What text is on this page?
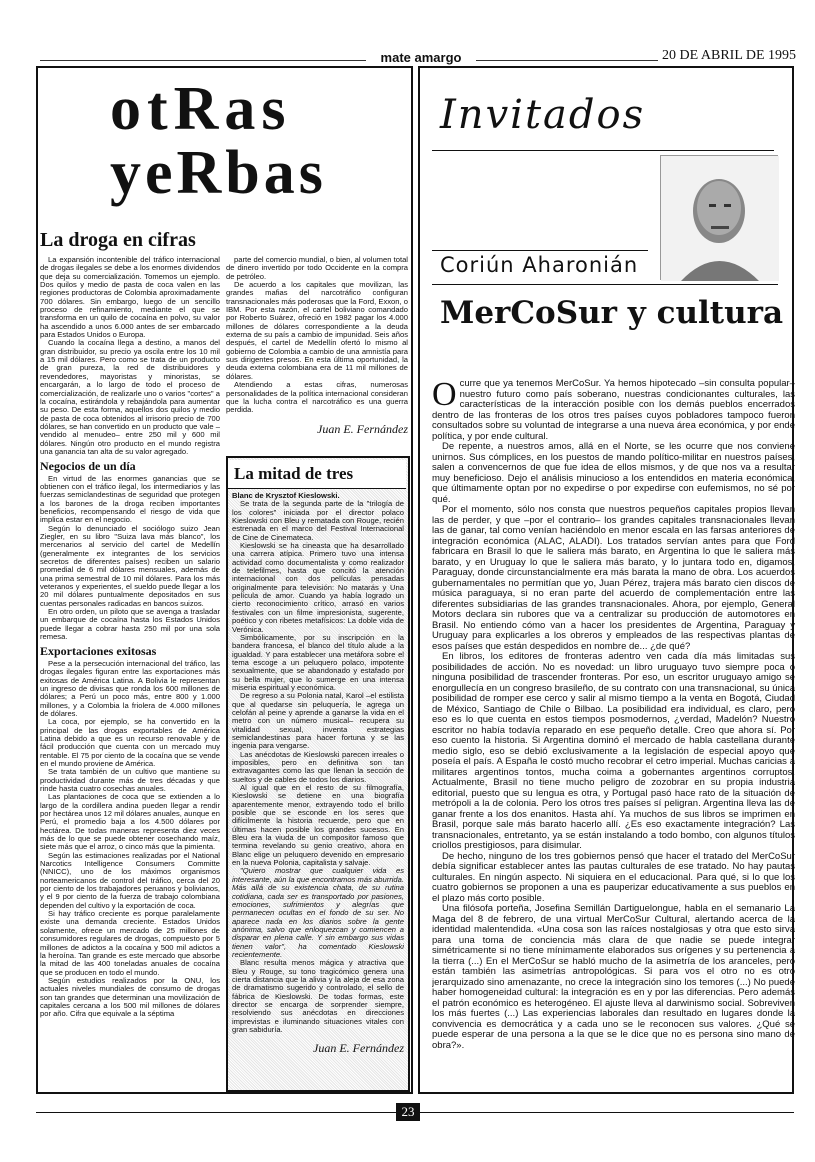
mate amargo	20 DE ABRIL DE 1995
otRas
yeRbas
La droga en cifras

La expansión incontenible del tráfico internacional de drogas ilegales se debe a los enormes dividendos que deja su comercialización. Tomemos un ejemplo. Dos quilos y medio de pasta de coca valen en las regiones productoras de Colombia aproximadamente 700 dólares. Sin embargo, luego de un sencillo proceso de refinamiento, mediante el que se transforma en un quilo de cocaína en polvo, su valor ha ascendido a unos 6.000 antes de ser embarcado para Estados Unidos o Europa.

Cuando la cocaína llega a destino, a manos del gran distribuidor, su precio ya oscila entre los 10 mil a 15 mil dólares. Pero como se trata de un producto de gran pureza, la red de distribuidores y revendedores, mayoristas y minoristas, se encargarán, a lo largo de todo el proceso de comercialización, de realizarle uno o varios "cortes" a la cocaína, estirándola y rebajándola para aumentar su peso. De esta forma, aquellos dos quilos y medio de pasta de coca obtenidos al irrisorio precio de 700 dólares, se han convertido en un producto que vale –vendido al menudeo– entre 250 mil y 600 mil dólares. Ningún otro producto en el mundo registra una ganancia tan alta de su valor agregado.

Negocios de un día

En virtud de las enormes ganancias que se obtienen con el tráfico ilegal, los intermediarios y las fuerzas semiclandestinas de seguridad que protegen a los barones de la droga reciben importantes beneficios, recompensando el riesgo de vida que implica estar en el negocio.

Según lo denunciado el sociólogo suizo Jean Ziegler, en su libro "Suiza lava más blanco", los mercenarios al servicio del cartel de Medellín (generalmente ex integrantes de los servicios secretos de diferentes países) reciben un salario promedial de 6 mil dólares mensuales, además de una prima semestral de 10 mil dólares. Para los más veteranos y experientes, el sueldo puede llegar a los 20 mil dólares puntualmente depositados en sus cuentas personales radicadas en bancos suizos.

En otro orden, un piloto que se avenga a trasladar un embarque de cocaína hasta los Estados Unidos puede llegar a cobrar hasta 250 mil por una sola remesa.

Exportaciones exitosas

Pese a la persecución internacional del tráfico, las drogas ilegales figuran entre las exportaciones más exitosas de América Latina. A Bolivia le representan un ingreso de divisas que ronda los 600 millones de dólares; a Perú un poco más, entre 800 y 1.000 millones, y a Colombia la friolera de 4.000 millones de dólares.

La coca, por ejemplo, se ha convertido en la principal de las drogas exportables de América Latina debido a que es un recurso renovable y de fácil producción que cuenta con un mercado muy rentable. El 75 por ciento de la cocaína que se vende en el mundo proviene de América.

Se trata también de un cultivo que mantiene su productividad durante más de tres décadas y que rinde hasta cuatro cosechas anuales.

Las plantaciones de coca que se extienden a lo largo de la cordillera andina pueden llegar a rendir por hectárea unos 12 mil dólares anuales, aunque en Perú, el promedio baja a los 4.500 dólares por hectárea. De todas maneras representa diez veces más de lo que se puede obtener cosechando maíz, siete más que el arroz, o cinco más que la pimienta.

Según las estimaciones realizadas por el National Narcotics Intelligence Consumers Committe (NNICC), uno de los máximos organismos norteamericanos de control del tráfico, cerca del 20 por ciento de los trabajadores peruanos y bolivianos, y el 9 por ciento de la fuerza de trabajo colombiana dependen del cultivo y la exportación de coca.

Si hay tráfico creciente es porque paralelamente existe una demanda creciente. Estados Unidos solamente, ofrece un mercado de 25 millones de consumidores regulares de drogas, compuesto por 5 millones de adictos a la cocaína y 500 mil adictos a la heroína. Tan grande es este mercado que absorbe la mitad de las 400 toneladas anuales de cocaína que se producen en todo el mundo.

Según estudios realizados por la ONU, los actuales niveles mundiales de consumo de drogas son tan grandes que determinan una movilización de capitales cercana a los 500 mil millones de dólares por año. Cifra que equivale a la séptima

parte del comercio mundial, o bien, al volumen total de dinero invertido por todo Occidente en la compra de petróleo.

De acuerdo a los capitales que movilizan, las grandes mafias del narcotráfico configuran transnacionales más poderosas que la Ford, Exxon, o IBM. Por esta razón, el cartel boliviano comandado por Roberto Suárez, ofreció en 1982 pagar los 4.000 millones de dólares correspondiente a la deuda externa de su país a cambio de impunidad. Seis años después, el cartel de Medellín ofertó lo mismo al gobierno de Colombia a cambio de una amnistía para sus dirigentes presos. En esta última oportunidad, la deuda externa colombiana era de 11 mil millones de dólares.

Atendiendo a estas cifras, numerosas personalidades de la política internacional consideran que la lucha contra el narcotráfico es una guerra perdida.

Juan E. Fernández

La mitad de tres

Blanc de Krysztof Kieslowski.

Se trata de la segunda parte de la "trilogía de los colores" iniciada por el director polaco Kieslowski con Bleu y rematada con Rouge, recién estrenada en el marco del Festival Internacional de Cine de Cinemateca.

Kieslowski se ha cineasta que ha desarrollado una carrera atípica. Primero tuvo una intensa actividad como documentalista y como realizador de telefilmes, hasta que concitó la atención internacional con dos películas pensadas originalmente para televisión: No matarás y Una película de amor. Cuando ya había logrado un cierto reconocimiento crítico, arrasó en varios festivales con un filme impresionista, sugerente, poético y con ribetes metafísicos: La doble vida de Verónica.

Simbólicamente, por su inscripción en la bandera francesa, el blanco del título alude a la igualdad. Y para establecer una metáfora sobre el tema escoge a un peluquero polaco, impotente sexualmente, que se abandonado y estafado por su bella mujer, que lo sumerge en una intensa miseria espiritual y económica.

De regreso a su Polonia natal, Karol –el estilista que al quedarse sin peluquería, le agrega un celofán al peine y aprende a ganarse la vida en el metro con un número musical– recupera su vitalidad sexual, inventa estrategias semiclandestinas para hacer fortuna y se las ingenia para vengarse.

Las anécdotas de Kieslowski parecen irreales o imposibles, pero en definitiva son tan extravagantes como las que llenan la sección de sueltos y de cables de todos los diarios.

Al igual que en el resto de su filmografía, Kieslowski se detiene en una biografía aparentemente menor, extrayendo todo el brillo posible que se esconde en los seres que difícilmente la historia recuerde, pero que en últimas hacen posible los grandes sucesos. En Bleu era la viuda de un compositor famoso que termina revelando su genio creativo, ahora en Blanc elige un peluquero devenido en empresario en la nueva Polonia, capitalista y salvaje.

"Quiero mostrar que cualquier vida es interesante, aún la que encontramos más aburrida. Más allá de su existencia chata, de su rutina cotidiana, cada ser es transportado por pasiones, emociones, sufrimientos y alegrías que permanecen ocultas en el fondo de su ser. No aparece nada en los diarios sobre la gente anónima, salvo que enloquezcan y comiencen a disparar en plena calle. Y sin embargo sus vidas tienen valor", ha comentado Kieslowski recientemente.

Blanc resulta menos mágica y atractiva que Bleu y Rouge, su tono tragicómico genera una cierta distancia que la alivia y la aleja de esa zona de dramatismo sugerido y controlado, el sello de fábrica de Kieslowski. De todas formas, este director se encarga de sorprender siempre, resolviendo sus anécdotas en direcciones imprevistas e iluminando situaciones vitales con gran sabiduría.

Juan E. Fernández

Invitados
Coriún Aharonián
MerCoSur y cultura

Ocurre que ya tenemos MerCoSur. Ya hemos hipotecado –sin consulta popular– nuestro futuro como país soberano, nuestras condicionantes culturales, las características de la interacción posible con los demás pueblos encerrados dentro de las fronteras de los otros tres países cuyos pobladores tampoco fueron consultados sobre su voluntad de integrarse a una nueva área económica, y por ende política, y por ende cultural.

De repente, a nuestros amos, allá en el Norte, se les ocurre que nos conviene unirnos. Sus cómplices, en los puestos de mando político-militar en nuestros países, salen a convencernos de que fue idea de ellos mismos, y de que nos va a resultar muy beneficioso. Dejo el análisis minucioso a los entendidos en materia económica, que últimamente optan por no expedirse o por expedirse con eufemismos, no sé por qué.

Por el momento, sólo nos consta que nuestros pequeños capitales propios llevan las de perder, y que –por el contrario– los grandes capitales transnacionales llevan las de ganar, tal como venían haciéndolo en menor escala en las farsas anteriores de integración económica (ALAC, ALADI). Los tratados servían antes para que Ford fabricara en Brasil lo que le saliera más barato, en Argentina lo que le saliera más barato, y en Uruguay lo que le saliera más barato, y lo juntara todo en, digamos, Paraguay, donde circunstancialmente era más barata la mano de obra. Los acuerdos gubernamentales no permitían que yo, Juan Pérez, trajera más barato cien discos de música paraguaya, si no eran parte del acuerdo de complementación entre las diferentes subsidiarias de las grandes transnacionales. Ahora, por ejemplo, General Motors declara sin rubores que va a centralizar su producción de automotores en Brasil. No entiendo cómo van a hacer los presidentes de Argentina, Paraguay y Uruguay para explicarles a los obreros y empleados de las respectivas plantas de esos países que están despedidos en nombre de... ¿de qué?

En libros, los editores de fronteras adentro ven cada día más limitadas sus posibilidades de acción. No es novedad: un libro uruguayo tuvo siempre poca o ninguna posibilidad de trascender fronteras. Por eso, un escritor uruguayo amigo se enorgullecía en un congreso brasileño, de su contrato con una transnacional, su única posibilidad de romper ese cerco y salir al mismo tiempo a la venta en Bogotá, Ciudad de México, Santiago de Chile o Bilbao. La posibilidad era individual, es claro, pero eso es lo que cuenta en estos tiempos posmodernos, ¿verdad, Madelón? Nuestro escritor no había todavía reparado en ese pequeño detalle. Creo que ahora sí. Por eso cuento la historia. Si Argentina dominó el mercado de habla castellana durante medio siglo, eso se debió exclusivamente a la legislación de especial apoyo que poseía el país. A España le costó mucho recobrar el cetro imperial. Muchas caricias a militares argentinos tontos, mucha coima a gobernantes argentinos corruptos. Actualmente, Brasil no tiene mucho peligro de zozobrar en su propia industria editorial, puesto que su lengua es otra, y Portugal pasó hace rato de la situación de metrópoli a la de colonia. Pero los otros tres países sí peligran. Argentina lleva las de ganar frente a los dos enanitos. Hasta ahí. Ya muchos de sus libros se imprimen en Brasil, porque sale más barato hacerlo allí. ¿Es eso exactamente integración? Las transnacionales, entretanto, ya se están instalando a todo bombo, con algunos títulos criollos prestigiosos, para disimular.

De hecho, ninguno de los tres gobiernos pensó que hacer el tratado del MerCoSur debía significar establecer antes las pautas culturales de ese tratado. No hay pautas culturales. En ningún aspecto. Ni siquiera en el educacional. Para qué, si lo que los cuatro gobiernos se proponen a una es pauperizar educativamente a sus pueblos en el plazo más corto posible.

Una filósofa porteña, Josefina Semillán Dartiguelongue, habla en el semanario La Maga del 8 de febrero, de una virtual MerCoSur Cultural, alertando acerca de la identidad malentendida. «Una cosa son las raíces nostalgiosas y otra que esto sirva para una toma de conciencia más clara de que nadie se puede integrar simétricamente si no tiene mínimamente elaborados sus orígenes y su pertenencia a la tierra (...) En el MerCoSur se habló mucho de la asimetría de los aranceles, pero están también las asimetrías antropológicas. Si para vos el otro no es otro jerarquizado sino amenazante, no crece la integración sino los temores (...) No puede haber homogeneidad cultural: la integración es en y por las diferencias. Pero además el patrón económico es heterogéneo. El ajuste lleva al darwinismo social. Sobreviven los más fuertes (...) Las experiencias laborales dan resultado en lugares donde la convivencia es democrática y a cada uno se le reconocen sus valores. ¿Qué se puede esperar de una persona a la que se le dice que no es persona sino mano de obra?».

23
